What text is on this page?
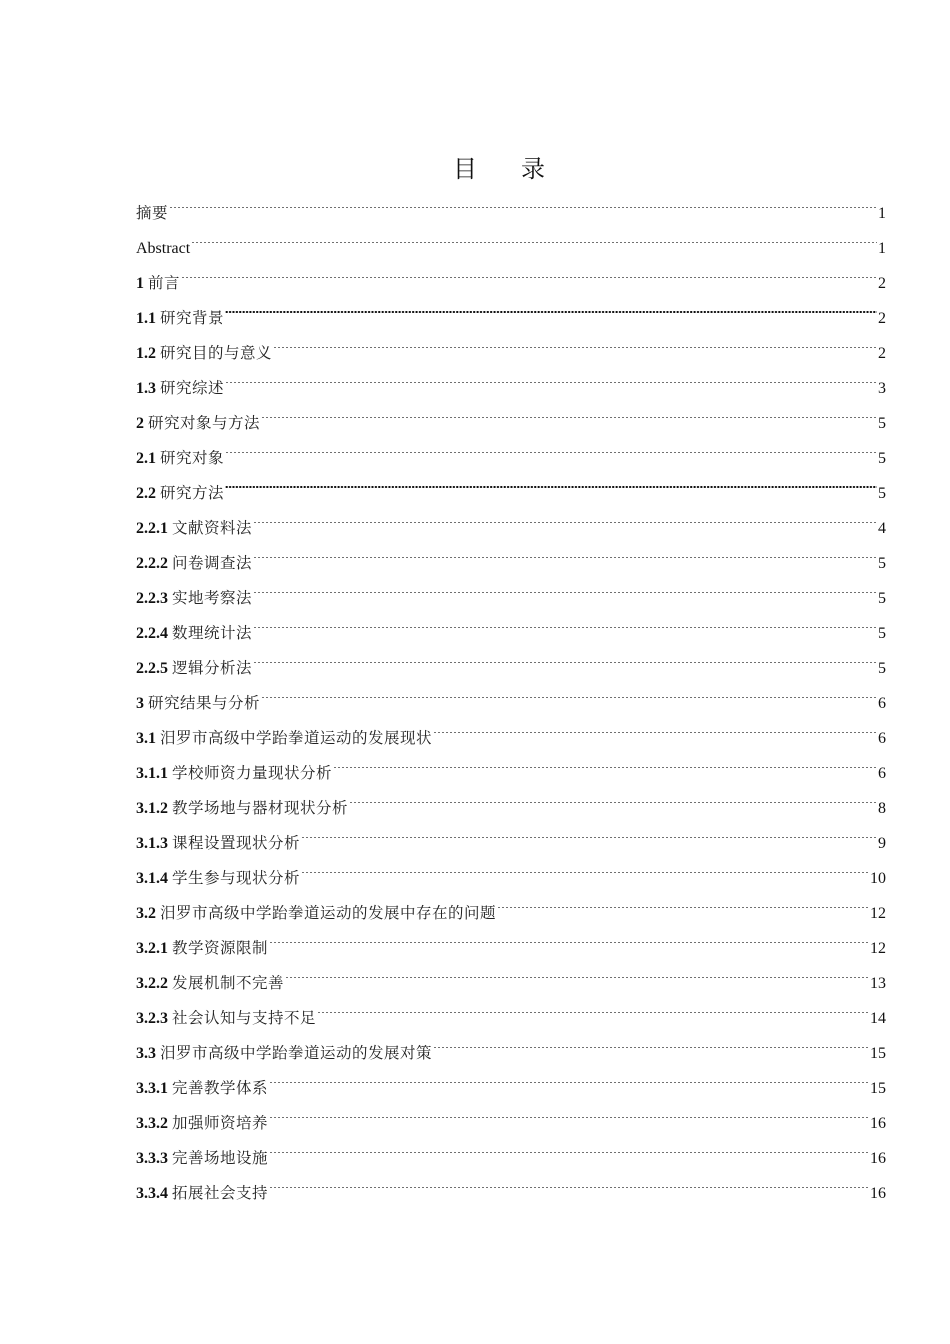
目 录
摘要	1
Abstract	1
1 前言	2
1.1 研究背景	2
1.2 研究目的与意义	2
1.3 研究综述	3
2 研究对象与方法	5
2.1 研究对象	5
2.2 研究方法	5
2.2.1 文献资料法	4
2.2.2 问卷调查法	5
2.2.3 实地考察法	5
2.2.4 数理统计法	5
2.2.5 逻辑分析法	5
3 研究结果与分析	6
3.1 汨罗市高级中学跆拳道运动的发展现状	6
3.1.1 学校师资力量现状分析	6
3.1.2 教学场地与器材现状分析	8
3.1.3 课程设置现状分析	9
3.1.4 学生参与现状分析	10
3.2 汨罗市高级中学跆拳道运动的发展中存在的问题	12
3.2.1 教学资源限制	12
3.2.2 发展机制不完善	13
3.2.3 社会认知与支持不足	14
3.3 汨罗市高级中学跆拳道运动的发展对策	15
3.3.1 完善教学体系	15
3.3.2 加强师资培养	16
3.3.3 完善场地设施	16
3.3.4 拓展社会支持	16
